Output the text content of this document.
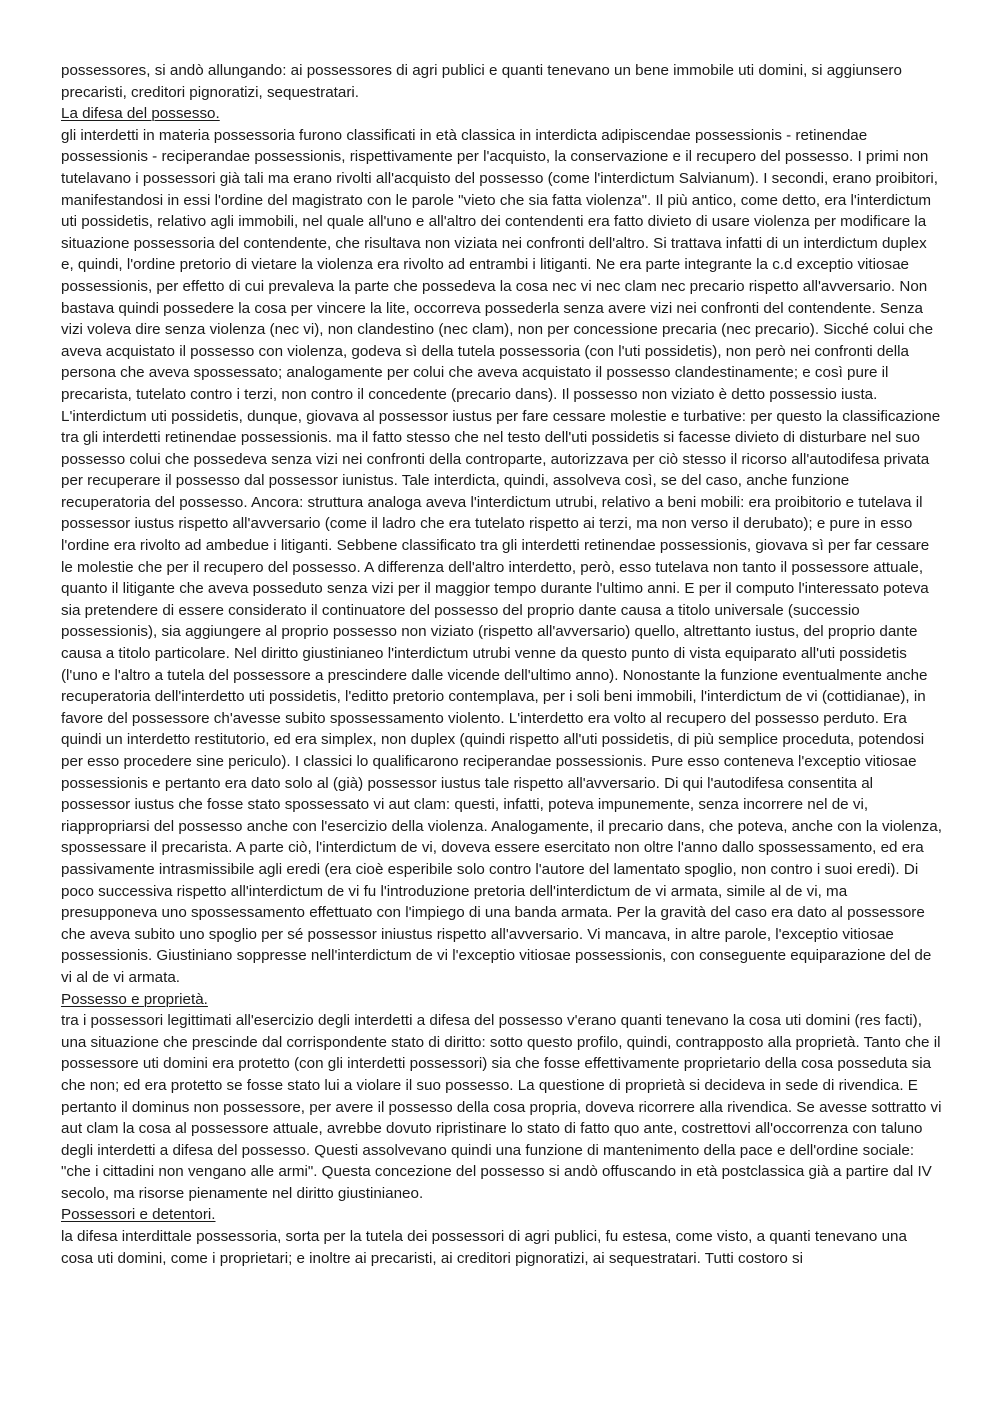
possessores, si andò allungando: ai possessores di agri publici e quanti tenevano un bene immobile uti domini, si aggiunsero precaristi, creditori pignoratizi, sequestratari.

La difesa del possesso.

gli interdetti in materia possessoria furono classificati in età classica in interdicta adipiscendae possessionis - retinendae possessionis - reciperandae possessionis, rispettivamente per l'acquisto, la conservazione e il recupero del possesso. I primi non tutelavano i possessori già tali ma erano rivolti all'acquisto del possesso (come l'interdictum Salvianum). I secondi, erano proibitori, manifestandosi in essi l'ordine del magistrato con le parole "vieto che sia fatta violenza". Il più antico, come detto, era l'interdictum uti possidetis, relativo agli immobili, nel quale all'uno e all'altro dei contendenti era fatto divieto di usare violenza per modificare la situazione possessoria del contendente, che risultava non viziata nei confronti dell'altro. Si trattava infatti di un interdictum duplex e, quindi, l'ordine pretorio di vietare la violenza era rivolto ad entrambi i litiganti. Ne era parte integrante la c.d exceptio vitiosae possessionis, per effetto di cui prevaleva la parte che possedeva la cosa nec vi nec clam nec precario rispetto all'avversario. Non bastava quindi possedere la cosa per vincere la lite, occorreva possederla senza avere vizi nei confronti del contendente. Senza vizi voleva dire senza violenza (nec vi), non clandestino (nec clam), non per concessione precaria (nec precario). Sicché colui che aveva acquistato il possesso con violenza, godeva sì della tutela possessoria (con l'uti possidetis), non però nei confronti della persona che aveva spossessato; analogamente per colui che aveva acquistato il possesso clandestinamente; e così pure il precarista, tutelato contro i terzi, non contro il concedente (precario dans). Il possesso non viziato è detto possessio iusta. L'interdictum uti possidetis, dunque, giovava al possessor iustus per fare cessare molestie e turbative: per questo la classificazione tra gli interdetti retinendae possessionis. ma il fatto stesso che nel testo dell'uti possidetis si facesse divieto di disturbare nel suo possesso colui che possedeva senza vizi nei confronti della controparte, autorizzava per ciò stesso il ricorso all'autodifesa privata per recuperare il possesso dal possessor iunistus. Tale interdicta, quindi, assolveva così, se del caso, anche funzione recuperatoria del possesso. Ancora: struttura analoga aveva l'interdictum utrubi, relativo a beni mobili: era proibitorio e tutelava il possessor iustus rispetto all'avversario (come il ladro che era tutelato rispetto ai terzi, ma non verso il derubato); e pure in esso l'ordine era rivolto ad ambedue i litiganti. Sebbene classificato tra gli interdetti retinendae possessionis, giovava sì per far cessare le molestie che per il recupero del possesso. A differenza dell'altro interdetto, però, esso tutelava non tanto il possessore attuale, quanto il litigante che aveva posseduto senza vizi per il maggior tempo durante l'ultimo anni. E per il computo l'interessato poteva sia pretendere di essere considerato il continuatore del possesso del proprio dante causa a titolo universale (successio possessionis), sia aggiungere al proprio possesso non viziato (rispetto all'avversario) quello, altrettanto iustus, del proprio dante causa a titolo particolare. Nel diritto giustinianeo l'interdictum utrubi venne da questo punto di vista equiparato all'uti possidetis (l'uno e l'altro a tutela del possessore a prescindere dalle vicende dell'ultimo anno). Nonostante la funzione eventualmente anche recuperatoria dell'interdetto uti possidetis, l'editto pretorio contemplava, per i soli beni immobili, l'interdictum de vi (cottidianae), in favore del possessore ch'avesse subito spossessamento violento. L'interdetto era volto al recupero del possesso perduto. Era quindi un interdetto restitutorio, ed era simplex, non duplex (quindi rispetto all'uti possidetis, di più semplice proceduta, potendosi per esso procedere sine periculo). I classici lo qualificarono reciperandae possessionis. Pure esso conteneva l'exceptio vitiosae possessionis e pertanto era dato solo al (già) possessor iustus tale rispetto all'avversario. Di qui l'autodifesa consentita al possessor iustus che fosse stato spossessato vi aut clam: questi, infatti, poteva impunemente, senza incorrere nel de vi, riappropriarsi del possesso anche con l'esercizio della violenza. Analogamente, il precario dans, che poteva, anche con la violenza, spossessare il precarista. A parte ciò, l'interdictum de vi, doveva essere esercitato non oltre l'anno dallo spossessamento, ed era passivamente intrasmissibile agli eredi (era cioè esperibile solo contro l'autore del lamentato spoglio, non contro i suoi eredi). Di poco successiva rispetto all'interdictum de vi fu l'introduzione pretoria dell'interdictum de vi armata, simile al de vi, ma presupponeva uno spossessamento effettuato con l'impiego di una banda armata. Per la gravità del caso era dato al possessore che aveva subito uno spoglio per sé possessor iniustus rispetto all'avversario. Vi mancava, in altre parole, l'exceptio vitiosae possessionis. Giustiniano soppresse nell'interdictum de vi l'exceptio vitiosae possessionis, con conseguente equiparazione del de vi al de vi armata.

Possesso e proprietà.

tra i possessori legittimati all'esercizio degli interdetti a difesa del possesso v'erano quanti tenevano la cosa uti domini (res facti), una situazione che prescinde dal corrispondente stato di diritto: sotto questo profilo, quindi, contrapposto alla proprietà. Tanto che il possessore uti domini era protetto (con gli interdetti possessori) sia che fosse effettivamente proprietario della cosa posseduta sia che non; ed era protetto se fosse stato lui a violare il suo possesso. La questione di proprietà si decideva in sede di rivendica. E pertanto il dominus non possessore, per avere il possesso della cosa propria, doveva ricorrere alla rivendica. Se avesse sottratto vi aut clam la cosa al possessore attuale, avrebbe dovuto ripristinare lo stato di fatto quo ante, costrettovi all'occorrenza con taluno degli interdetti a difesa del possesso. Questi assolvevano quindi una funzione di mantenimento della pace e dell'ordine sociale: "che i cittadini non vengano alle armi". Questa concezione del possesso si andò offuscando in età postclassica già a partire dal IV secolo, ma risorse pienamente nel diritto giustinianeo.

Possessori e detentori.

la difesa interdittale possessoria, sorta per la tutela dei possessori di agri publici, fu estesa, come visto, a quanti tenevano una cosa uti domini, come i proprietari; e inoltre ai precaristi, ai creditori pignoratizi, ai sequestratari. Tutti costoro si
